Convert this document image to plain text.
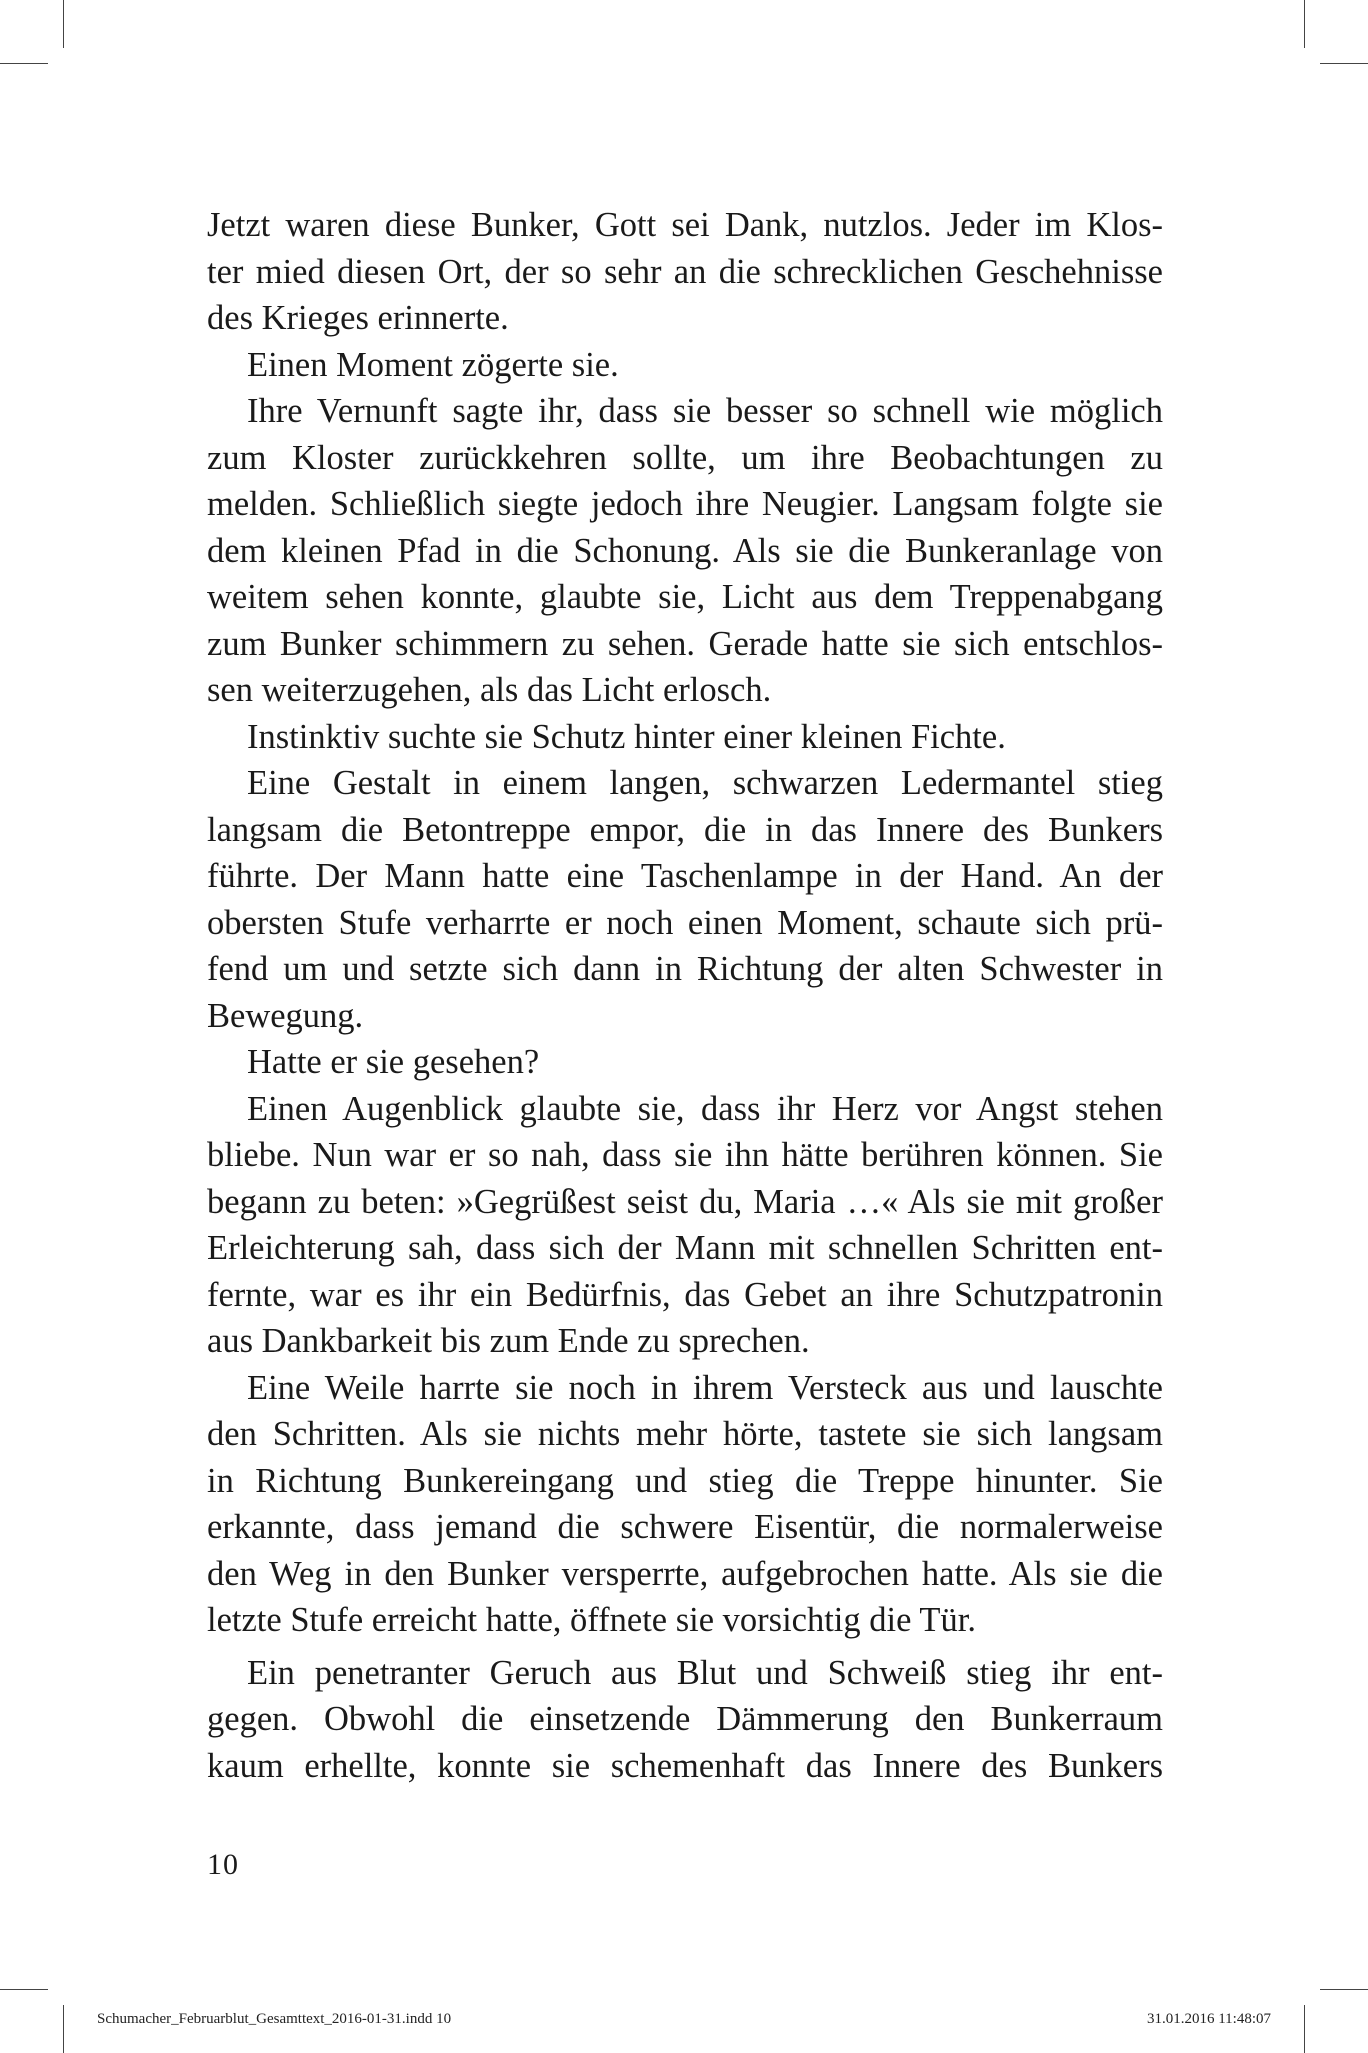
Jetzt waren diese Bunker, Gott sei Dank, nutzlos. Jeder im Klos-
ter mied diesen Ort, der so sehr an die schrecklichen Geschehnisse
des Krieges erinnerte.
Einen Moment zögerte sie.
Ihre Vernunft sagte ihr, dass sie besser so schnell wie möglich
zum Kloster zurückkehren sollte, um ihre Beobachtungen zu
melden. Schließlich siegte jedoch ihre Neugier. Langsam folgte sie
dem kleinen Pfad in die Schonung. Als sie die Bunkeranlage von
weitem sehen konnte, glaubte sie, Licht aus dem Treppenabgang
zum Bunker schimmern zu sehen. Gerade hatte sie sich entschlos-
sen weiterzugehen, als das Licht erlosch.
Instinktiv suchte sie Schutz hinter einer kleinen Fichte.
Eine Gestalt in einem langen, schwarzen Ledermantel stieg
langsam die Betontreppe empor, die in das Innere des Bunkers
führte. Der Mann hatte eine Taschenlampe in der Hand. An der
obersten Stufe verharrte er noch einen Moment, schaute sich prü-
fend um und setzte sich dann in Richtung der alten Schwester in
Bewegung.
Hatte er sie gesehen?
Einen Augenblick glaubte sie, dass ihr Herz vor Angst stehen
bliebe. Nun war er so nah, dass sie ihn hätte berühren können. Sie
begann zu beten: »Gegrüßest seist du, Maria …« Als sie mit großer
Erleichterung sah, dass sich der Mann mit schnellen Schritten ent-
fernte, war es ihr ein Bedürfnis, das Gebet an ihre Schutzpatronin
aus Dankbarkeit bis zum Ende zu sprechen.
Eine Weile harrte sie noch in ihrem Versteck aus und lauschte
den Schritten. Als sie nichts mehr hörte, tastete sie sich langsam
in Richtung Bunkereingang und stieg die Treppe hinunter. Sie
erkannte, dass jemand die schwere Eisentür, die normalerweise
den Weg in den Bunker versperrte, aufgebrochen hatte. Als sie die
letzte Stufe erreicht hatte, öffnete sie vorsichtig die Tür.
Ein penetranter Geruch aus Blut und Schweiß stieg ihr ent-
gegen. Obwohl die einsetzende Dämmerung den Bunkerraum
kaum erhellte, konnte sie schemenhaft das Innere des Bunkers
10
Schumacher_Februarblut_Gesamttext_2016-01-31.indd 10	31.01.2016 11:48:07
